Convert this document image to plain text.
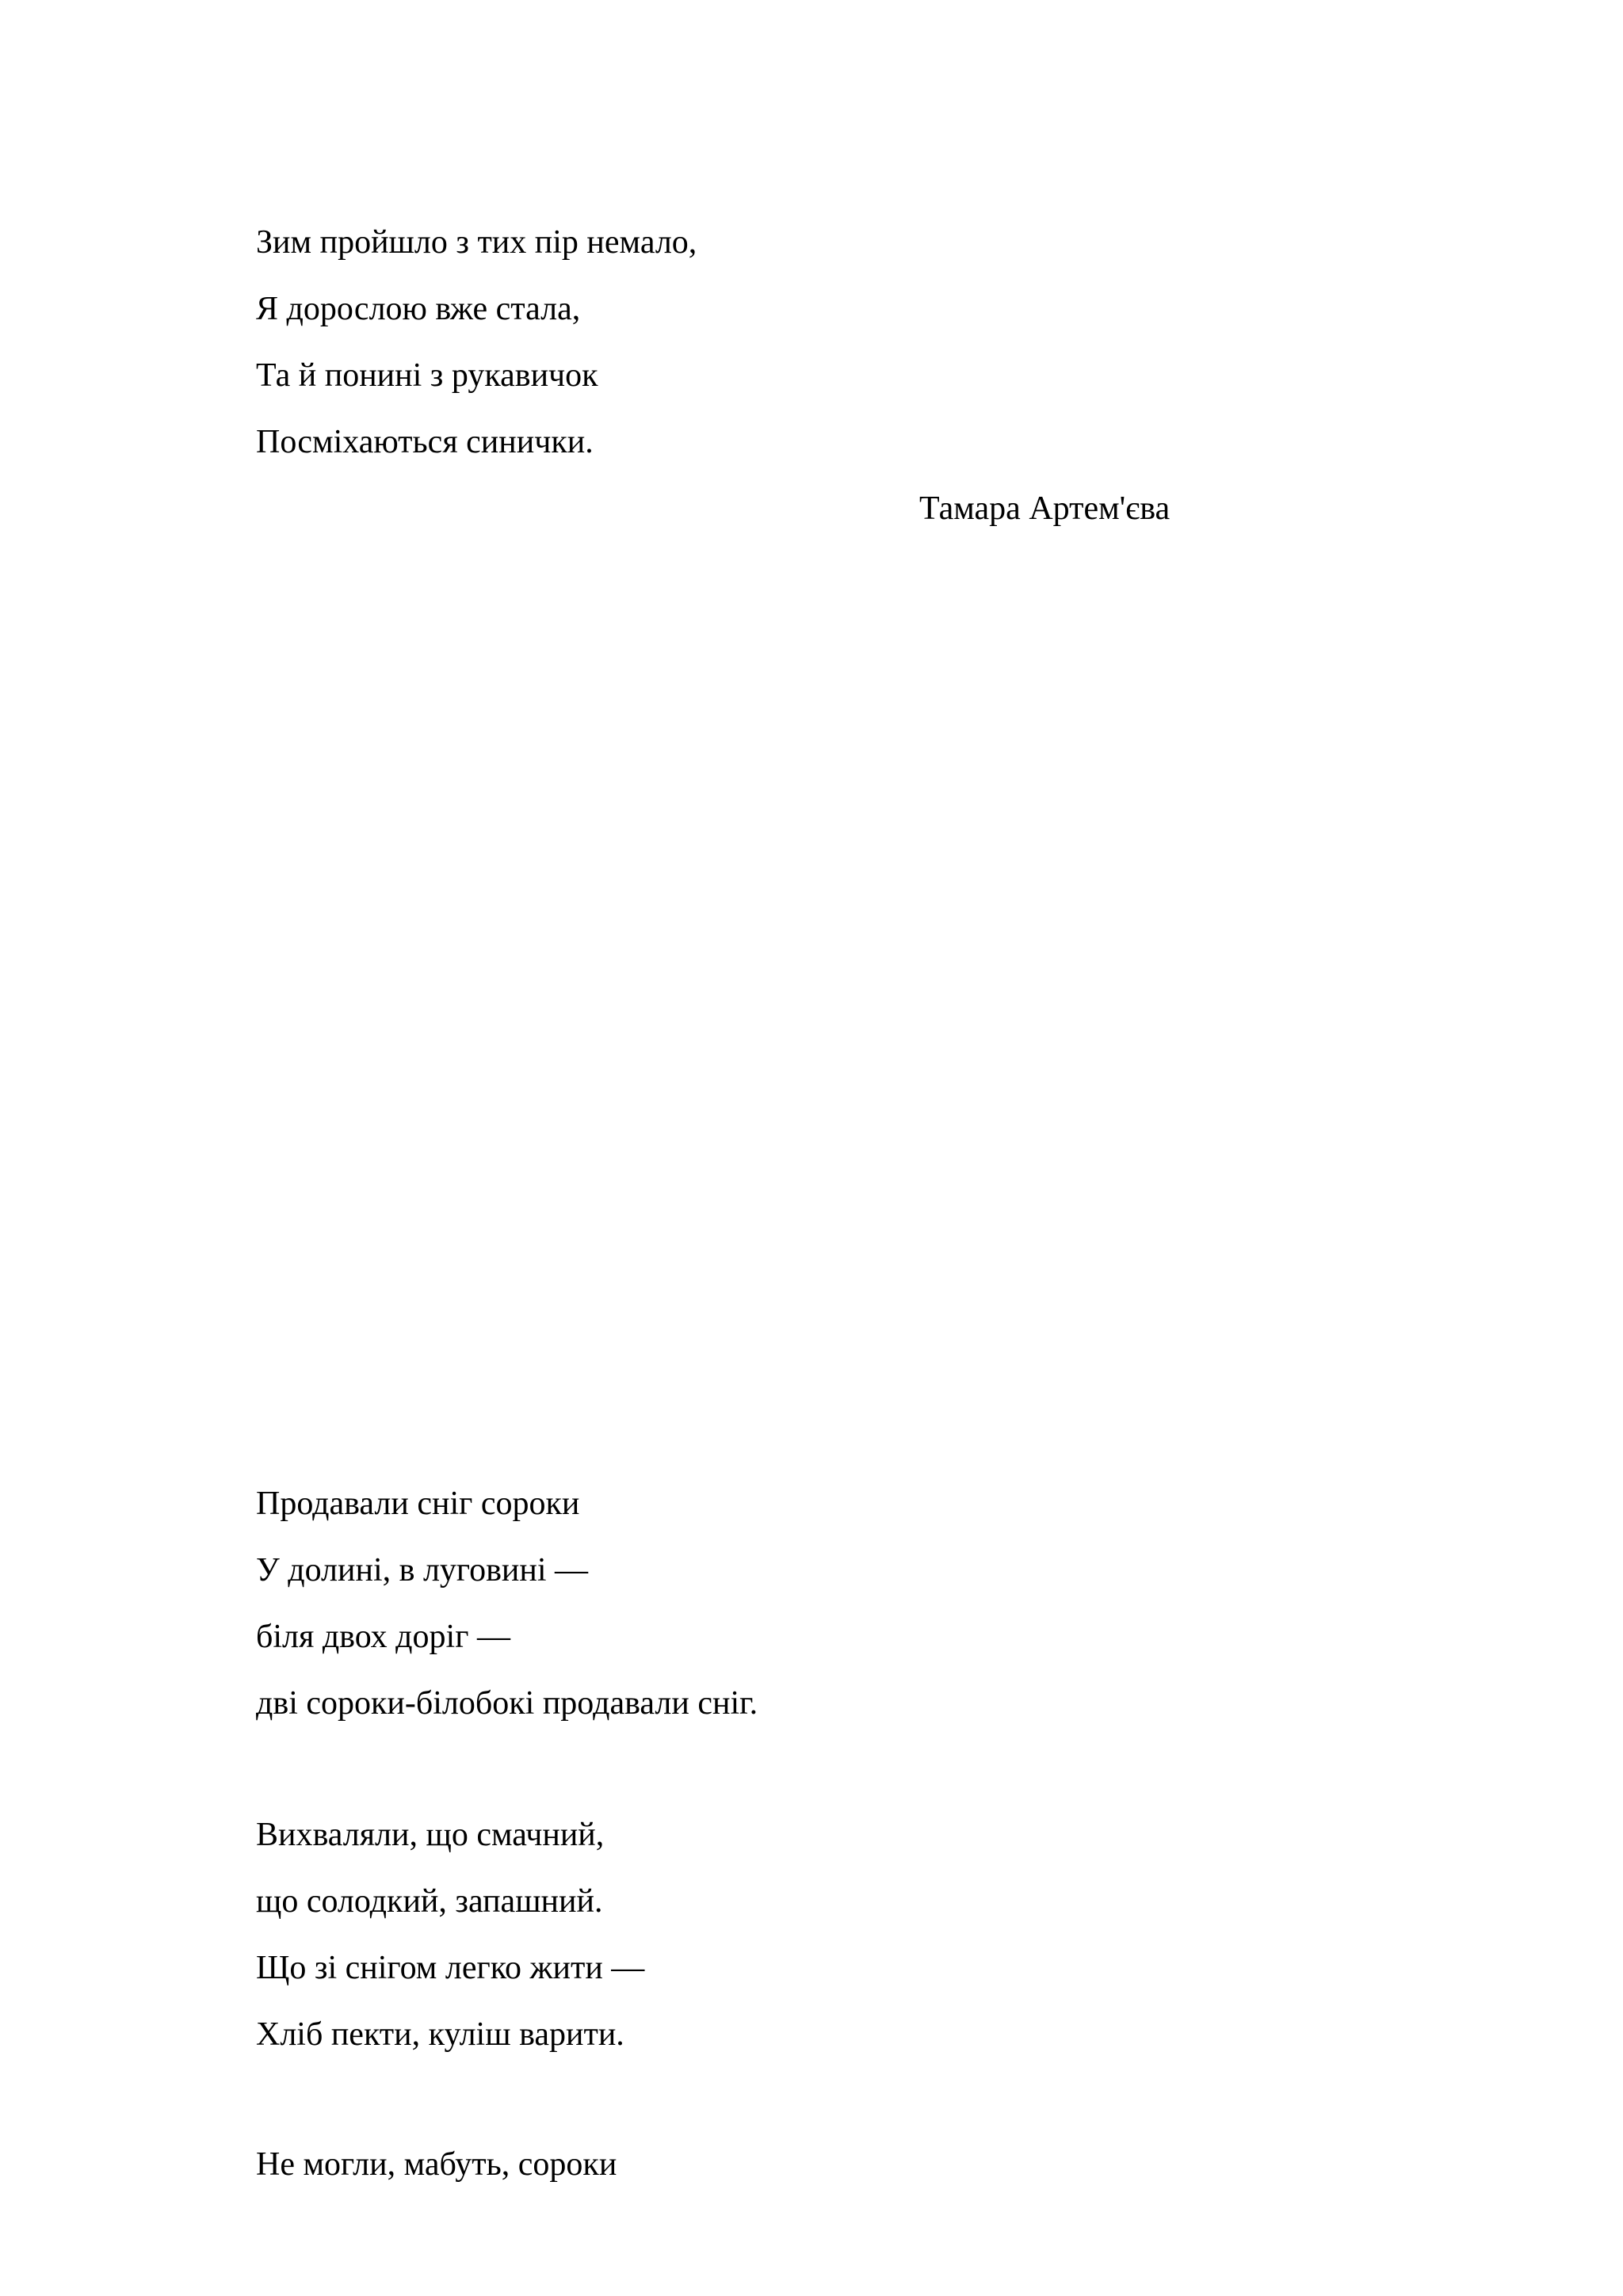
Зим пройшло з тих пір немало,
Я дорослою вже стала,
Та й понині з рукавичок
Посміхаються синички.
Тамара Артем'єва
Продавали сніг сороки
У долині, в луговині —
біля двох доріг —
дві сороки-білобокі продавали сніг.
Вихваляли, що смачний,
що солодкий, запашний.
Що зі снігом легко жити —
Хліб пекти, куліш варити.
Не могли, мабуть, сороки
